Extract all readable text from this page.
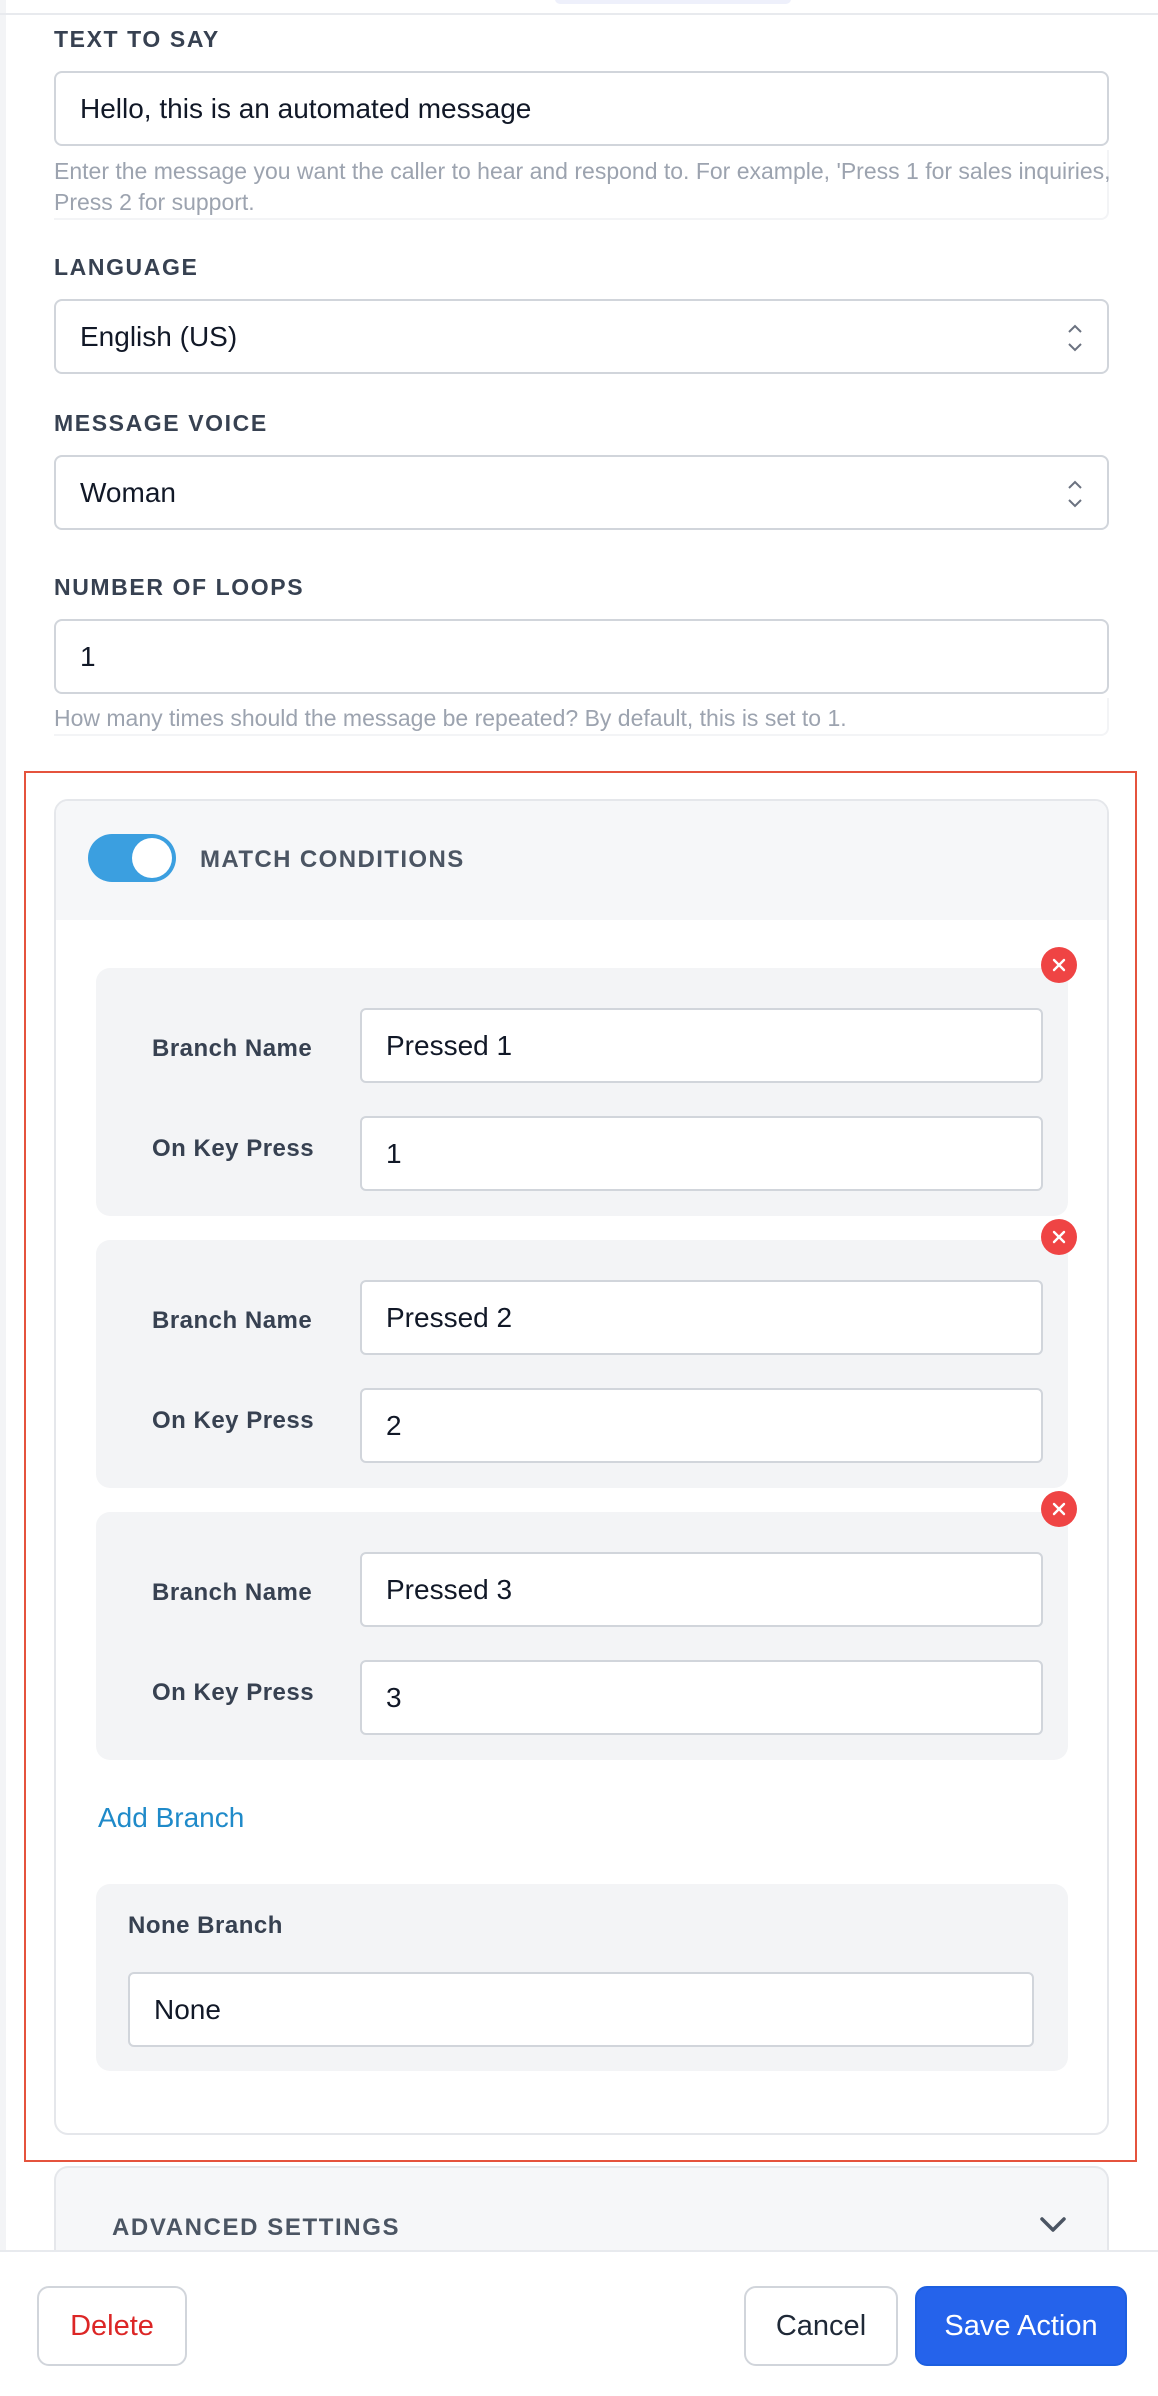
TEXT TO SAY
Hello, this is an automated message
Enter the message you want the caller to hear and respond to. For example, 'Press 1 for sales inquiries, Press 2 for support.
LANGUAGE
English (US)
MESSAGE VOICE
Woman
NUMBER OF LOOPS
1
How many times should the message be repeated? By default, this is set to 1.
MATCH CONDITIONS
Branch Name	Pressed 1
On Key Press	1
Branch Name	Pressed 2
On Key Press	2
Branch Name	Pressed 3
On Key Press	3
Add Branch
None Branch
None
ADVANCED SETTINGS
Delete	Cancel	Save Action
